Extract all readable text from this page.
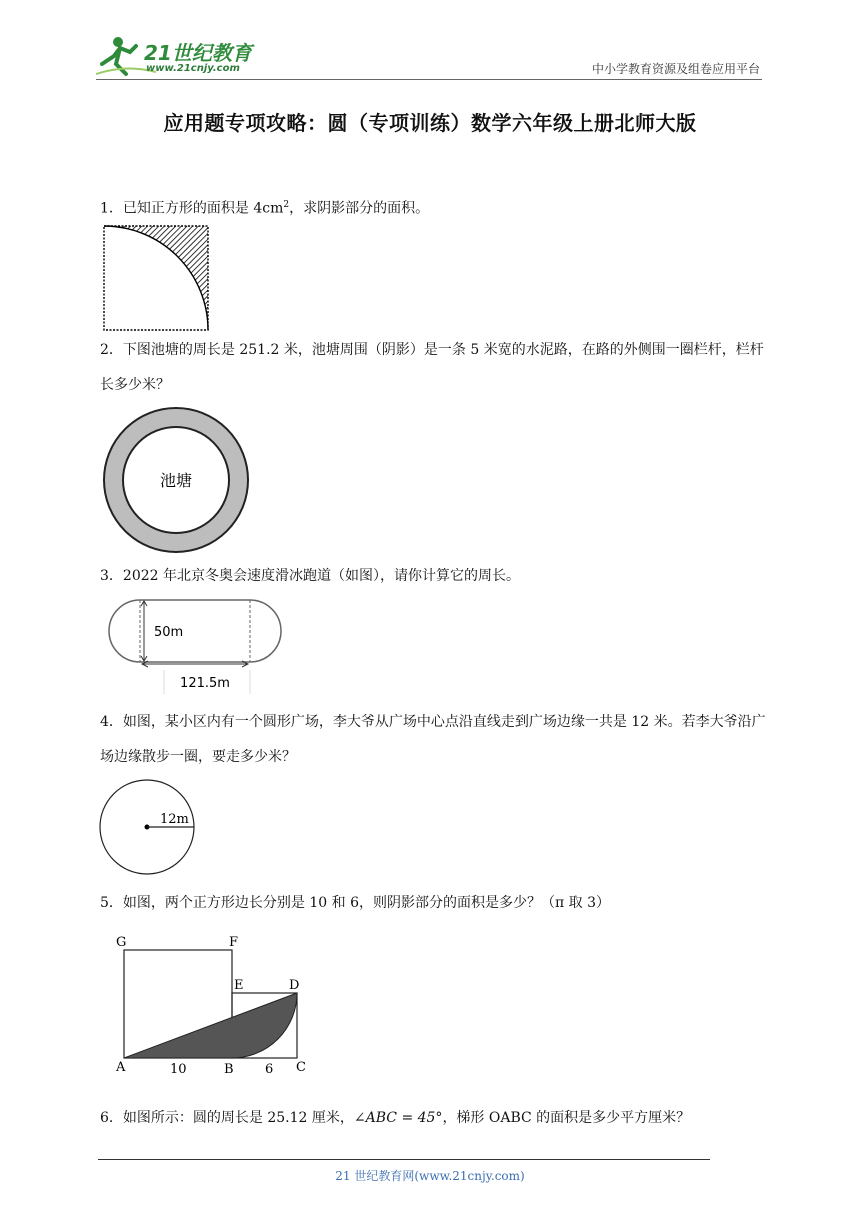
21世纪教育
www.21cnjy.com	中小学教育资源及组卷应用平台
应用题专项攻略：圆（专项训练）数学六年级上册北师大版
1．已知正方形的面积是 $4cm^2$，求阴影部分的面积。
2．下图池塘的周长是 251.2 米，池塘周围（阴影）是一条 5 米宽的水泥路，在路的外侧围一圈栏杆，栏杆长多少米？
池塘
3．2022 年北京冬奥会速度滑冰跑道（如图），请你计算它的周长。
50m
121.5m
4．如图，某小区内有一个圆形广场，李大爷从广场中心点沿直线走到广场边缘一共是 12 米。若李大爷沿广场边缘散步一圈，要走多少米？
12m
5．如图，两个正方形边长分别是 10 和 6，则阴影部分的面积是多少？（π 取 3）
G	F
E	D
A	B	C
10	6
6．如图所示：圆的周长是 25.12 厘米，∠ABC = 45°，梯形 OABC 的面积是多少平方厘米？
21 世纪教育网(www.21cnjy.com)
